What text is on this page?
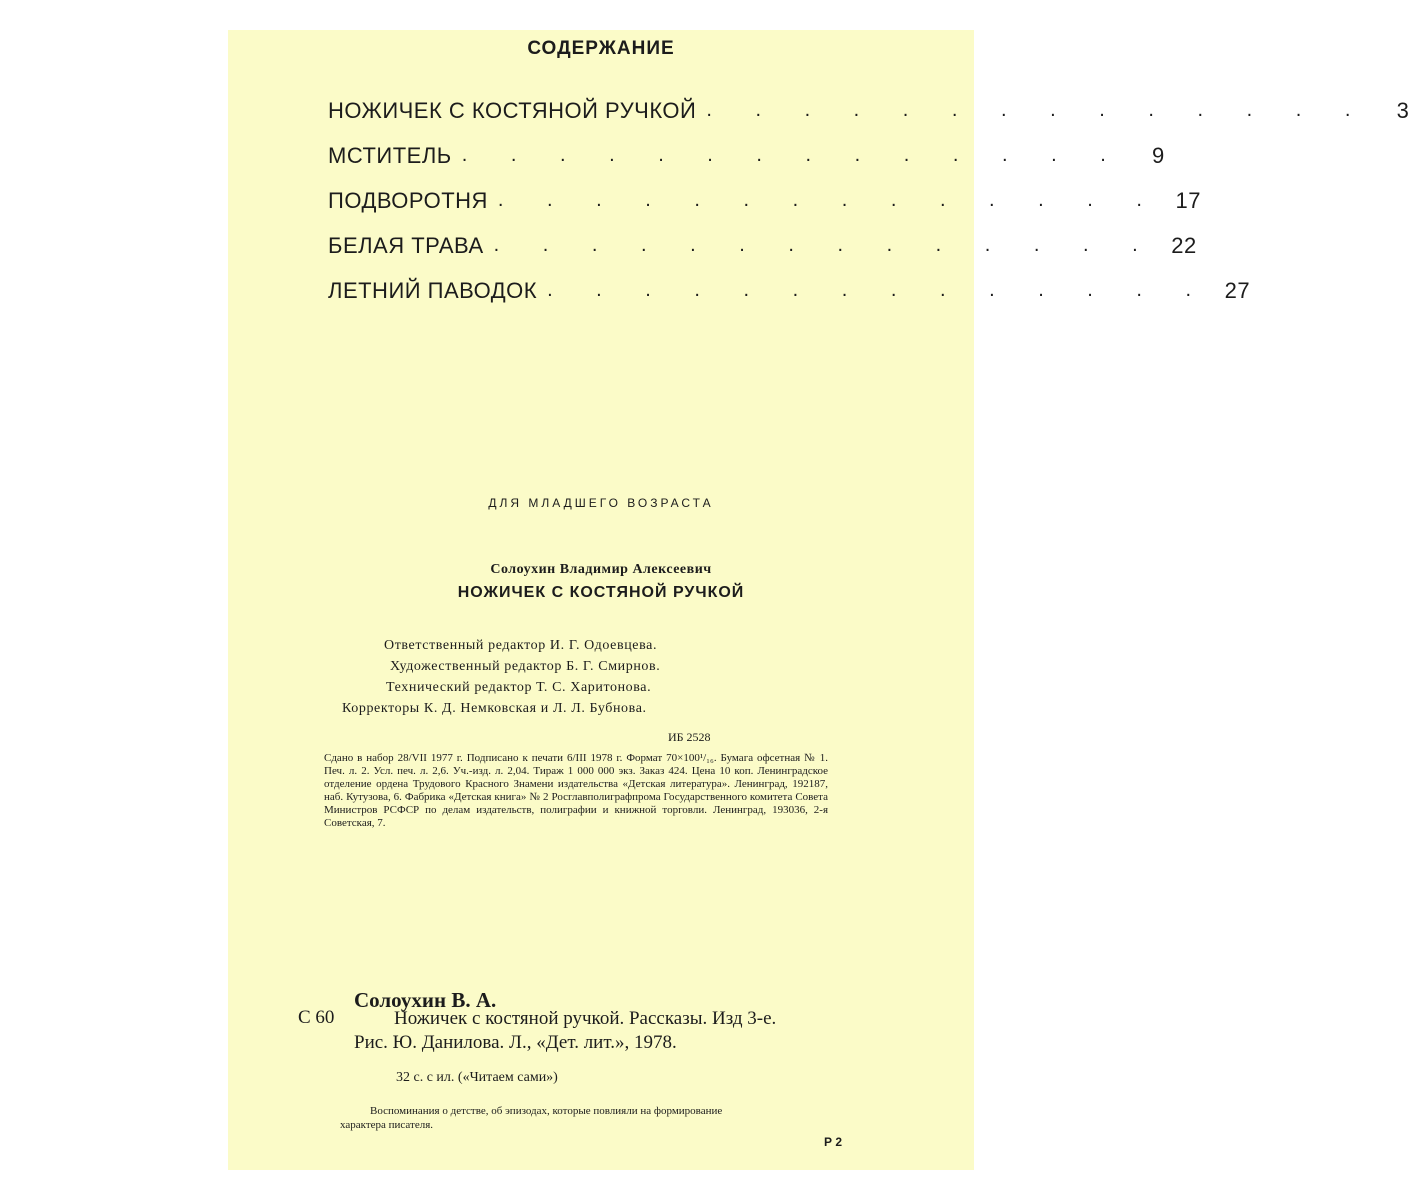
СОДЕРЖАНИЕ
НОЖИЧЕК С КОСТЯНОЙ РУЧКОЙ . . . . . . . . . . . . . .	3
МСТИТЕЛЬ . . . . . . . . . . . . . .	9
ПОДВОРОТНЯ . . . . . . . . . . . . . . 17
БЕЛАЯ ТРАВА . . . . . . . . . . . . . . 22
ЛЕТНИЙ ПАВОДОК . . . . . . . . . . . . . . 27
ДЛЯ МЛАДШЕГО ВОЗРАСТА
Солоухин Владимир Алексеевич
НОЖИЧЕК С КОСТЯНОЙ РУЧКОЙ
Ответственный редактор И. Г. Одоевцева.
Художественный редактор Б. Г. Смирнов.
Технический редактор Т. С. Харитонова.
Корректоры К. Д. Немковская и Л. Л. Бубнова.
ИБ 2528
Сдано в набор 28/VII 1977 г. Подписано к печати 6/III 1978 г. Формат 70×100¹/₁₆. Бумага офсетная № 1. Печ. л. 2. Усл. печ. л. 2,6. Уч.-изд. л. 2,04. Тираж 1 000 000 экз. Заказ 424. Цена 10 коп. Ленинградское отделение ордена Трудового Красного Знамени издательства «Детская литература». Ленинград, 192187, наб. Кутузова, 6. Фабрика «Детская книга» № 2 Росглавполиграфпрома Государственного комитета Совета Министров РСФСР по делам издательств, полиграфии и книжной торговли. Ленинград, 193036, 2-я Советская, 7.
Солоухин В. А.
С 60	Ножичек с костяной ручкой. Рассказы. Изд 3-е.
Рис. Ю. Данилова. Л., «Дет. лит.», 1978.
32 с. с ил. («Читаем сами»)
Воспоминания о детстве, об эпизодах, которые повлияли на формирование
характера писателя.
Р 2
